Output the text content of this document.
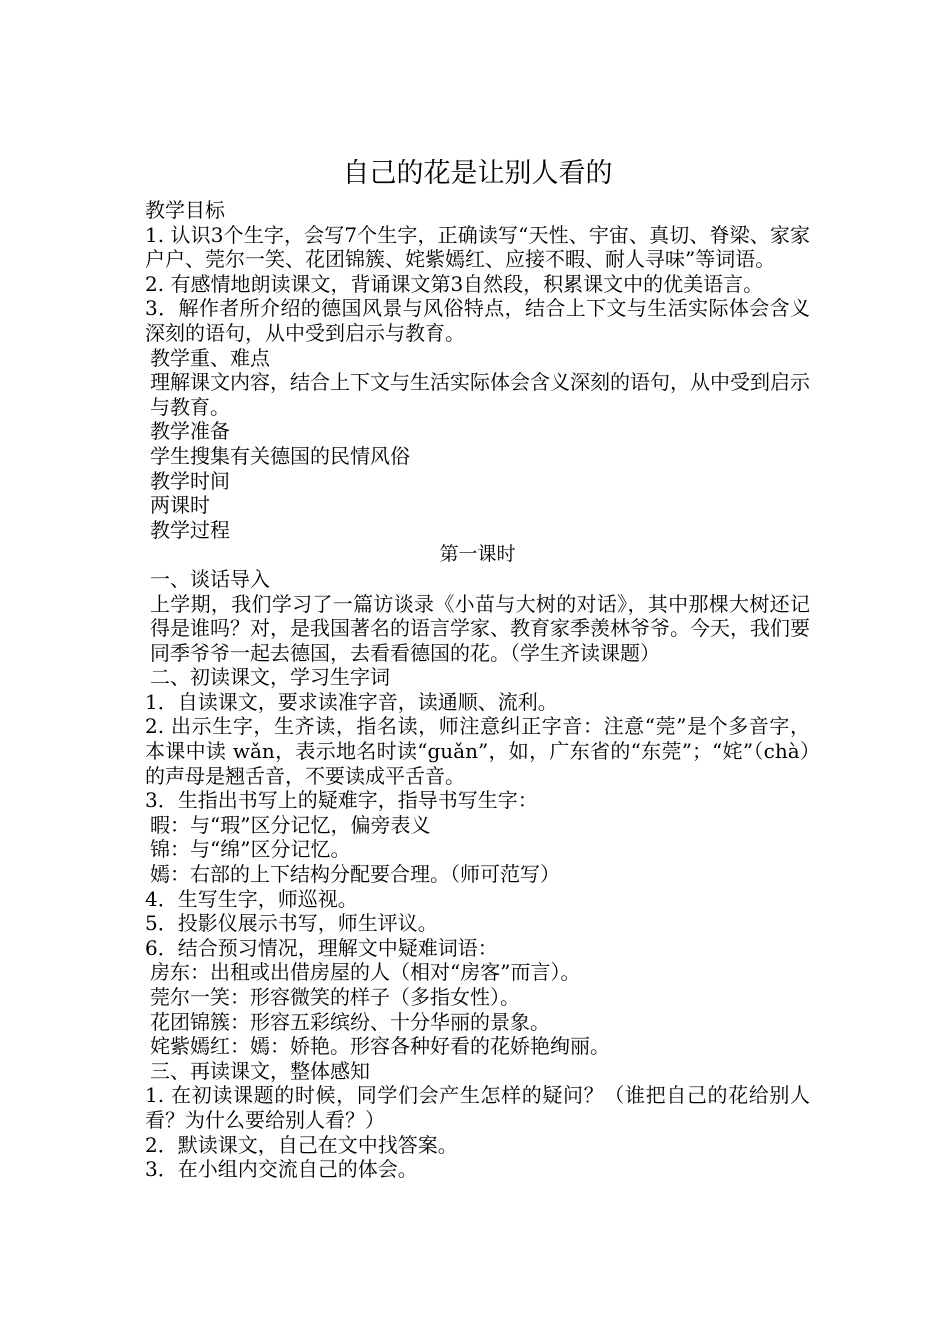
自己的花是让别人看的

教学目标

1. 认识3个生字，会写7个生字，正确读写“天性、宇宙、真切、脊梁、家家户户、莞尔一笑、花团锦簇、姹紫嫣红、应接不暇、耐人寻味”等词语。

2. 有感情地朗读课文，背诵课文第3自然段，积累课文中的优美语言。

3．解作者所介绍的德国风景与风俗特点，结合上下文与生活实际体会含义深刻的语句，从中受到启示与教育。

教学重、难点

理解课文内容，结合上下文与生活实际体会含义深刻的语句，从中受到启示与教育。

教学准备

学生搜集有关德国的民情风俗

教学时间

两课时

教学过程

第一课时

一、谈话导入

上学期，我们学习了一篇访谈录《小苗与大树的对话》，其中那棵大树还记得是谁吗？对，是我国著名的语言学家、教育家季羡林爷爷。今天，我们要同季爷爷一起去德国，去看看德国的花。（学生齐读课题）

二、初读课文，学习生字词

1．自读课文，要求读准字音，读通顺、流利。

2. 出示生字，生齐读，指名读，师注意纠正字音：注意“莞”是个多音字，本课中读 wǎn，表示地名时读“guǎn”，如，广东省的“东莞”；“姹”（chà）的声母是翘舌音，不要读成平舌音。

3．生指出书写上的疑难字，指导书写生字：

暇：与“瑕”区分记忆，偏旁表义

锦：与“绵”区分记忆。

嫣：右部的上下结构分配要合理。（师可范写）

4．生写生字，师巡视。

5．投影仪展示书写，师生评议。

6．结合预习情况，理解文中疑难词语：

房东：出租或出借房屋的人（相对“房客”而言）。

莞尔一笑：形容微笑的样子（多指女性）。

花团锦簇：形容五彩缤纷、十分华丽的景象。

姹紫嫣红：嫣：娇艳。形容各种好看的花娇艳绚丽。

三、再读课文，整体感知

1. 在初读课题的时候，同学们会产生怎样的疑问？（谁把自己的花给别人看？为什么要给别人看？）

2．默读课文，自己在文中找答案。

3．在小组内交流自己的体会。
